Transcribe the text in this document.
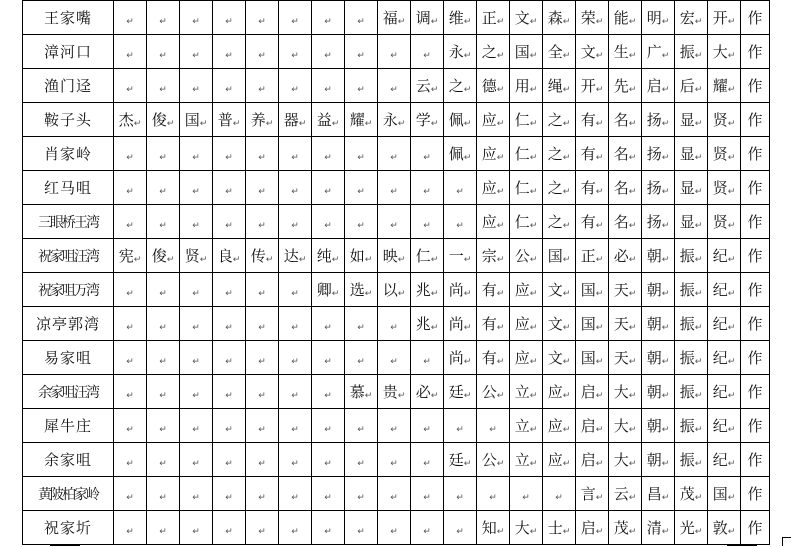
王家嘴	↵	↵	↵	↵	↵	↵	↵	↵	福↵	调↵	维↵	正↵	文↵	森↵	荣↵	能↵	明↵	宏↵	开↵	作
漳河口	↵	↵	↵	↵	↵	↵	↵	↵	↵	↵	永↵	之↵	国↵	全↵	文↵	生↵	广↵	振↵	大↵	作
渔门迳	↵	↵	↵	↵	↵	↵	↵	↵	↵	云↵	之↵	德↵	用↵	绳↵	开↵	先↵	启↵	后↵	耀↵	作
鞍子头	杰↵	俊↵	国↵	普↵	养↵	器↵	益↵	耀↵	永↵	学↵	佩↵	应↵	仁↵	之↵	有↵	名↵	扬↵	显↵	贤↵	作
肖家岭	↵	↵	↵	↵	↵	↵	↵	↵	↵	↵	佩↵	应↵	仁↵	之↵	有↵	名↵	扬↵	显↵	贤↵	作
红马咀	↵	↵	↵	↵	↵	↵	↵	↵	↵	↵	↵	应↵	仁↵	之↵	有↵	名↵	扬↵	显↵	贤↵	作
三眼桥王湾	↵	↵	↵	↵	↵	↵	↵	↵	↵	↵	↵	应↵	仁↵	之↵	有↵	名↵	扬↵	显↵	贤↵	作
祝家咀汪湾	宪↵	俊↵	贤↵	良↵	传↵	达↵	纯↵	如↵	映↵	仁↵	一↵	宗↵	公↵	国↵	正↵	必↵	朝↵	振↵	纪↵	作
祝家咀万湾	↵	↵	↵	↵	↵	↵	卿↵	选↵	以↵	兆↵	尚↵	有↵	应↵	文↵	国↵	天↵	朝↵	振↵	纪↵	作
凉亭郭湾	↵	↵	↵	↵	↵	↵	↵	↵	↵	兆↵	尚↵	有↵	应↵	文↵	国↵	天↵	朝↵	振↵	纪↵	作
易家咀	↵	↵	↵	↵	↵	↵	↵	↵	↵	↵	尚↵	有↵	应↵	文↵	国↵	天↵	朝↵	振↵	纪↵	作
余家咀汪湾	↵	↵	↵	↵	↵	↵	↵	慕↵	贵↵	必↵	廷↵	公↵	立↵	应↵	启↵	大↵	朝↵	振↵	纪↵	作
犀牛庄	↵	↵	↵	↵	↵	↵	↵	↵	↵	↵	↵	↵	立↵	应↵	启↵	大↵	朝↵	振↵	纪↵	作
余家咀	↵	↵	↵	↵	↵	↵	↵	↵	↵	↵	廷↵	公↵	立↵	应↵	启↵	大↵	朝↵	振↵	纪↵	作
黄陂柏家岭	↵	↵	↵	↵	↵	↵	↵	↵	↵	↵	↵	↵	↵	↵	言↵	云↵	昌↵	茂↵	国↵	作
祝家圻	↵	↵	↵	↵	↵	↵	↵	↵	↵	↵	↵	知↵	大↵	士↵	启↵	茂↵	清↵	光↵	敦↵	作
